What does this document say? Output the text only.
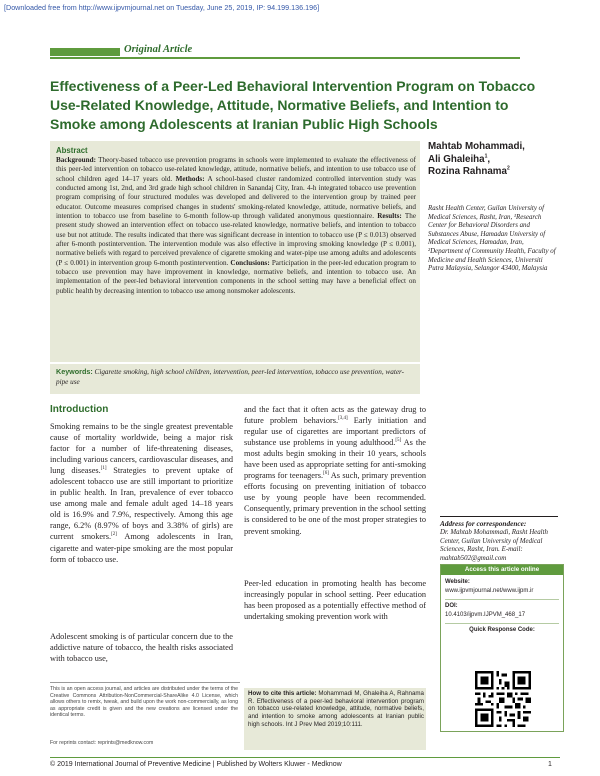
[Downloaded free from http://www.ijpvmjournal.net on Tuesday, June 25, 2019, IP: 94.199.136.196]
Original Article
Effectiveness of a Peer-Led Behavioral Intervention Program on Tobacco Use-Related Knowledge, Attitude, Normative Beliefs, and Intention to Smoke among Adolescents at Iranian Public High Schools
Abstract
Background: Theory-based tobacco use prevention programs in schools were implemented to evaluate the effectiveness of this peer-led intervention on tobacco use-related knowledge, attitude, normative beliefs, and intention to use tobacco use of school children aged 14–17 years old. Methods: A school-based cluster randomized controlled intervention study was conducted among 1st, 2nd, and 3rd grade high school children in Sanandaj City, Iran. 4-h integrated tobacco use prevention program comprising of four structured modules was developed and delivered to the intervention group by trained peer educator. Outcome measures comprised changes in students' smoking-related knowledge, attitude, normative beliefs, and intention to tobacco use from baseline to 6-month follow-up through validated anonymous questionnaire. Results: The present study showed an intervention effect on tobacco use-related knowledge, normative beliefs, and intention to tobacco use but not attitude. The results indicated that there was significant decrease in intention to tobacco use (P ≤ 0.013) observed after 6-month postintervention. The intervention module was also effective in improving smoking knowledge (P ≤ 0.001), normative beliefs with regard to perceived prevalence of cigarette smoking and water-pipe use among adults and adolescents (P ≤ 0.001) in intervention group 6-month postintervention. Conclusions: Participation in the peer-led education program to tobacco use prevention may have improvement in knowledge, normative beliefs, and intention to tobacco use. An implementation of the peer-led behavioral intervention components in the school setting may have a beneficial effect on public health by decreasing intention to tobacco use among nonsmoker adolescents.
Keywords: Cigarette smoking, high school children, intervention, peer-led intervention, tobacco use prevention, water-pipe use
Mahtab Mohammadi,
Ali Ghaleiha$^1$,
Rozina Rahnama$^2$
Rasht Health Center, Guilan University of Medical Sciences, Rasht, Iran, ¹Research Center for Behavioral Disorders and Substances Abuse, Hamadan University of Medical Sciences, Hamadan, Iran, ²Department of Community Health, Faculty of Medicine and Health Sciences, Universiti Putra Malaysia, Selangor 43400, Malaysia
Introduction
Smoking remains to be the single greatest preventable cause of mortality worldwide, being a major risk factor for a number of life-threatening diseases, including various cancers, cardiovascular diseases, and lung diseases.[1] Strategies to prevent uptake of adolescent tobacco use are still important to prioritize in public health. In Iran, prevalence of ever tobacco use among male and female adult aged 14–18 years old is 16.9% and 7.9%, respectively. Among this age range, 6.2% (8.97% of boys and 3.38% of girls) are current smokers.[2] Among adolescents in Iran, cigarette and water-pipe smoking are the most popular form of tobacco use.
Adolescent smoking is of particular concern due to the addictive nature of tobacco, the health risks associated with tobacco use,
and the fact that it often acts as the gateway drug to future problem behaviors.[3,4] Early initiation and regular use of cigarettes are important predictors of substance use problems in young adulthood.[5] As the most adults begin smoking in their 10 years, schools have been used as appropriate setting for anti-smoking programs for teenagers.[6] As such, primary prevention efforts focusing on preventing initiation of tobacco use by young people have been recommended. Consequently, primary prevention in the school setting is considered to be one of the most proper strategies to prevent smoking.
Peer-led education in promoting health has become increasingly popular in school setting. Peer education has been proposed as a potentially effective method of undertaking smoking prevention work with
This is an open access journal, and articles are distributed under the terms of the Creative Commons Attribution-NonCommercial-ShareAlike 4.0 License, which allows others to remix, tweak, and build upon the work non-commercially, as long as appropriate credit is given and the new creations are licensed under the identical terms.
For reprints contact: reprints@medknow.com
How to cite this article: Mohammadi M, Ghaleiha A, Rahnama R. Effectiveness of a peer-led behavioral intervention program on tobacco use-related knowledge, attitude, normative beliefs, and intention to smoke among adolescents at Iranian public high schools. Int J Prev Med 2019;10:111.
Address for correspondence:
Dr. Mahtab Mohammadi, Rasht Health Center, Guilan University of Medical Sciences, Rasht, Iran. E-mail: mahtab502@gmail.com
Access this article online
Website:
www.ijpvmjournal.net/www.ijpm.ir
DOI:
10.4103/ijpvm.IJPVM_468_17
Quick Response Code:
© 2019 International Journal of Preventive Medicine | Published by Wolters Kluwer - Medknow	1
